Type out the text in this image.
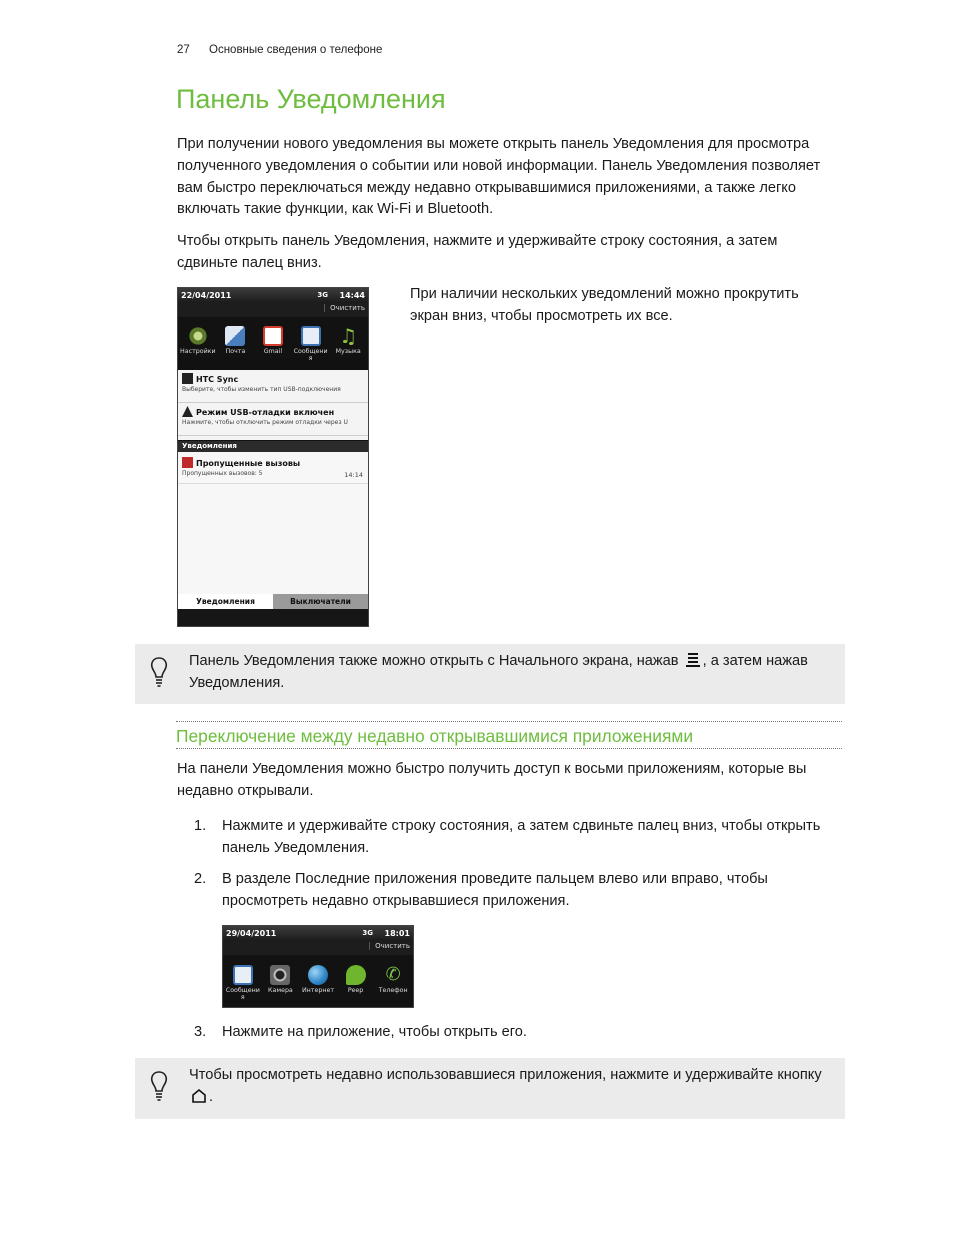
27 Основные сведения о телефоне
Панель Уведомления
При получении нового уведомления вы можете открыть панель Уведомления для просмотра полученного уведомления о событии или новой информации. Панель Уведомления позволяет вам быстро переключаться между недавно открывавшимися приложениями, а также легко включать такие функции, как Wi-Fi и Bluetooth.
Чтобы открыть панель Уведомления, нажмите и удерживайте строку состояния, а затем сдвиньте палец вниз.
22/04/2011	3G 14:44
Очистить
Настройки	Почта	Gmail	Сообщени я
♫
Музыка
HTC Sync
Выберите, чтобы изменить тип USB-подключения
Режим USB-отладки включен
Нажмите, чтобы отключить режим отладки через U
Уведомления
Пропущенные вызовы
Пропущенных вызовов: 5	14:14
Уведомления	Выключатели
При наличии нескольких уведомлений можно прокрутить экран вниз, чтобы просмотреть их все.
Панель Уведомления также можно открыть с Начального экрана, нажав , а затем нажав Уведомления.
Переключение между недавно открывавшимися приложениями
На панели Уведомления можно быстро получить доступ к восьми приложениям, которые вы недавно открывали.
1. Нажмите и удерживайте строку состояния, а затем сдвиньте палец вниз, чтобы открыть панель Уведомления.
2. В разделе Последние приложения проведите пальцем влево или вправо, чтобы просмотреть недавно открывавшиеся приложения.
29/04/2011	3G 18:01
Очистить
Сообщени я
Камера	Интернет	Peep
✆
Телефон
3. Нажмите на приложение, чтобы открыть его.
Чтобы просмотреть недавно использовавшиеся приложения, нажмите и удерживайте кнопку .
